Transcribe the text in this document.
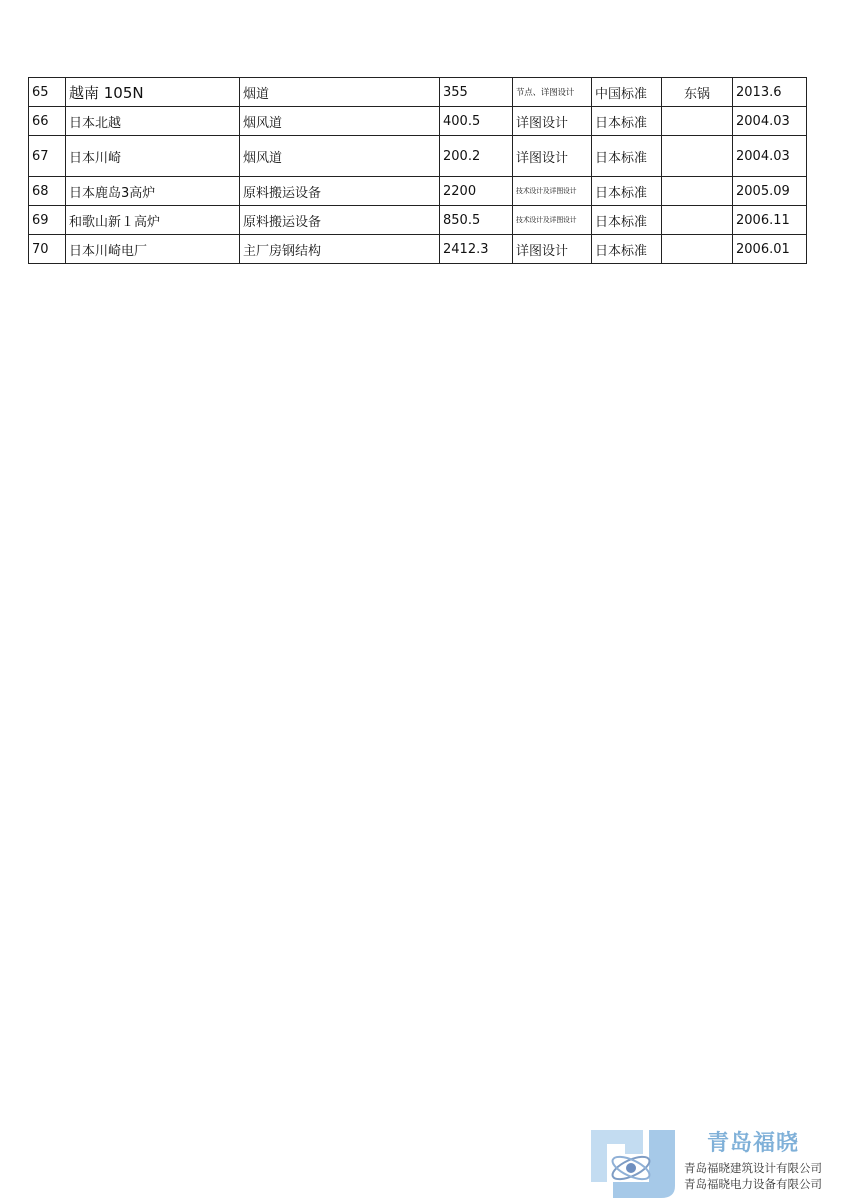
65	越南 105N	烟道	355	节点、详图设计	中国标准	东锅	2013.6
66	日本北越	烟风道	400.5	详图设计	日本标准		2004.03
67	日本川崎	烟风道	200.2	详图设计	日本标准		2004.03
68	日本鹿岛3高炉	原料搬运设备	2200	技术设计及详图设计	日本标准		2005.09
69	和歌山新１高炉	原料搬运设备	850.5	技术设计及详图设计	日本标准		2006.11
70	日本川崎电厂	主厂房钢结构	2412.3	详图设计	日本标准		2006.01
青岛福晓
青岛福晓建筑设计有限公司
青岛福晓电力设备有限公司
